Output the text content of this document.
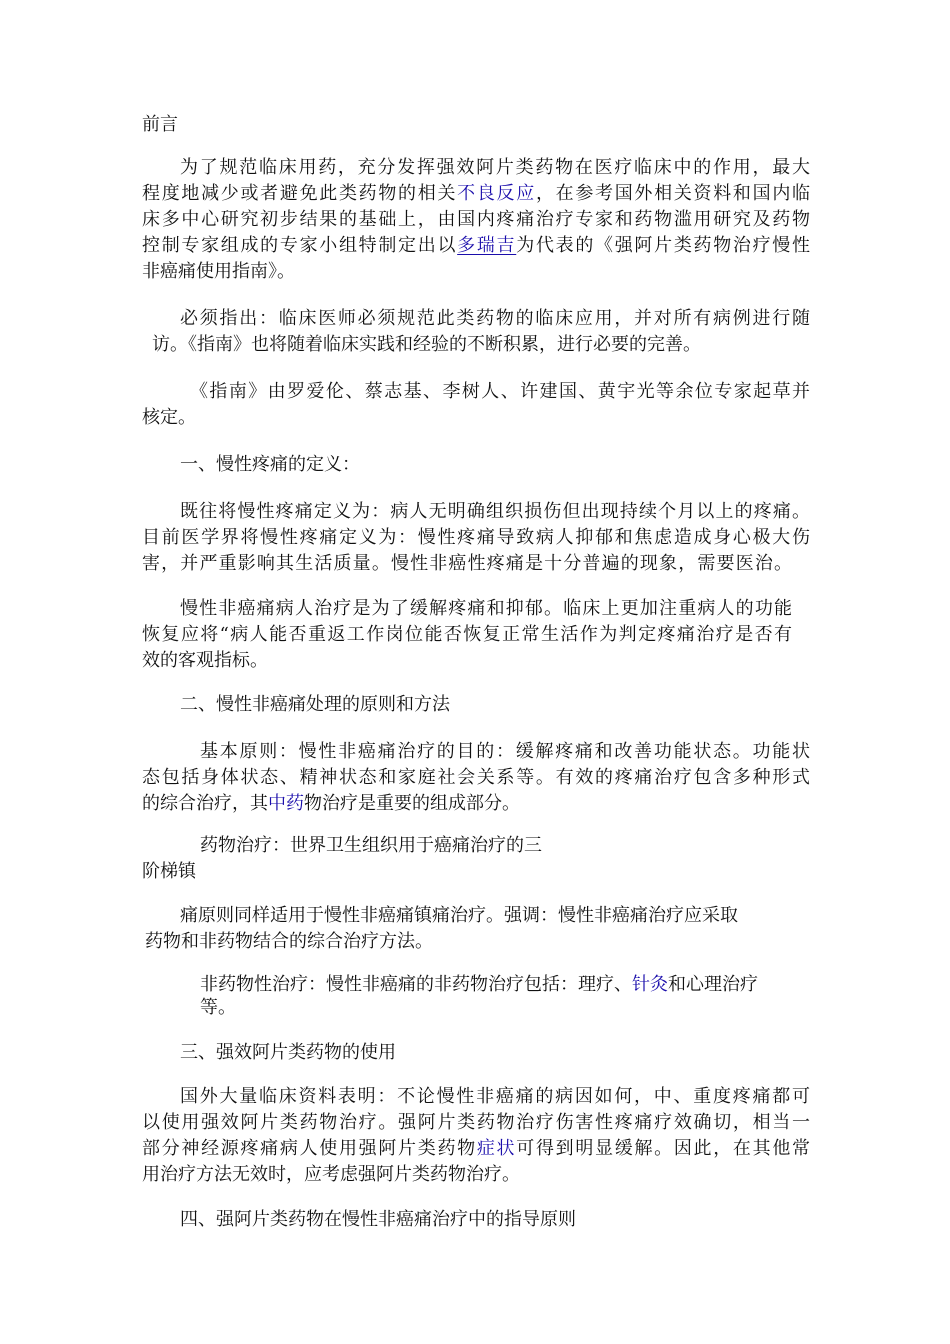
前言
为了规范临床用药，充分发挥强效阿片类药物在医疗临床中的作用，最大
程度地减少或者避免此类药物的相关不良反应，在参考国外相关资料和国内临
床多中心研究初步结果的基础上，由国内疼痛治疗专家和药物滥用研究及药物
控制专家组成的专家小组特制定出以多瑞吉为代表的《强阿片类药物治疗慢性
非癌痛使用指南》。
必须指出：临床医师必须规范此类药物的临床应用，并对所有病例进行随
访。《指南》也将随着临床实践和经验的不断积累，进行必要的完善。
《指南》由罗爱伦、蔡志基、李树人、许建国、黄宇光等余位专家起草并
核定。
一、慢性疼痛的定义：
既往将慢性疼痛定义为：病人无明确组织损伤但出现持续个月以上的疼痛。
目前医学界将慢性疼痛定义为：慢性疼痛导致病人抑郁和焦虑造成身心极大伤
害，并严重影响其生活质量。慢性非癌性疼痛是十分普遍的现象，需要医治。
慢性非癌痛病人治疗是为了缓解疼痛和抑郁。临床上更加注重病人的功能
恢复应将“病人能否重返工作岗位能否恢复正常生活作为判定疼痛治疗是否有
效的客观指标。
二、慢性非癌痛处理的原则和方法
基本原则：慢性非癌痛治疗的目的：缓解疼痛和改善功能状态。功能状
态包括身体状态、精神状态和家庭社会关系等。有效的疼痛治疗包含多种形式
的综合治疗，其中药物治疗是重要的组成部分。
药物治疗：世界卫生组织用于癌痛治疗的三
阶梯镇
痛原则同样适用于慢性非癌痛镇痛治疗。强调：慢性非癌痛治疗应采取
药物和非药物结合的综合治疗方法。
非药物性治疗：慢性非癌痛的非药物治疗包括：理疗、针灸和心理治疗
等。
三、强效阿片类药物的使用
国外大量临床资料表明：不论慢性非癌痛的病因如何，中、重度疼痛都可
以使用强效阿片类药物治疗。强阿片类药物治疗伤害性疼痛疗效确切，相当一
部分神经源疼痛病人使用强阿片类药物症状可得到明显缓解。因此，在其他常
用治疗方法无效时，应考虑强阿片类药物治疗。
四、强阿片类药物在慢性非癌痛治疗中的指导原则
